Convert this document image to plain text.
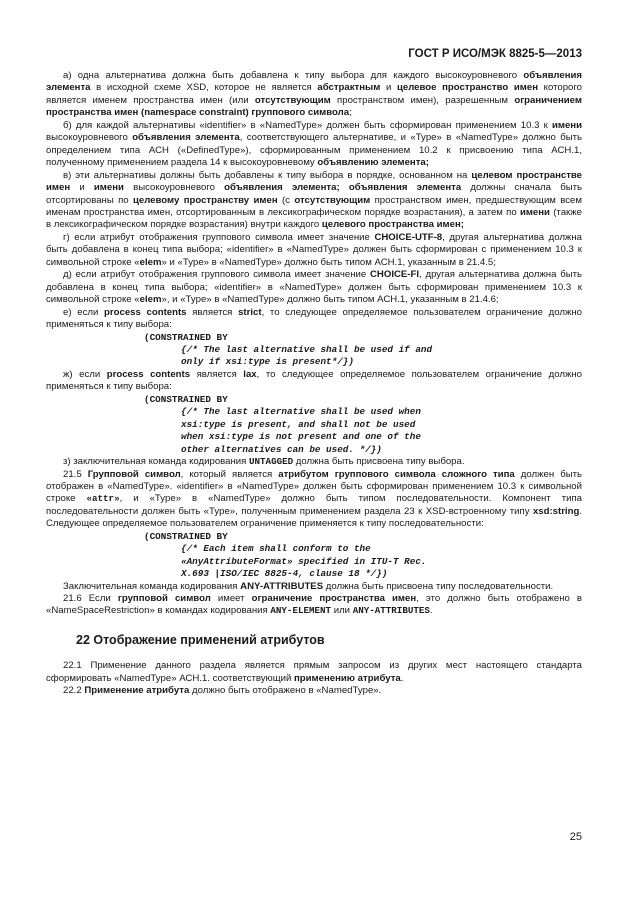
ГОСТ Р ИСО/МЭК 8825-5—2013

а) одна альтернатива должна быть добавлена к типу выбора для каждого высокоуровневого объявления элемента в исходной схеме XSD, которое не является абстрактным и целевое пространство имен которого является именем пространства имен (или отсутствующим пространством имен), разрешенным ограничением пространства имен (namespace constraint) группового символа;

б) для каждой альтернативы «identifier» в «NamedType» должен быть сформирован применением 10.3 к имени высокоуровневого объявления элемента, соответствующего альтернативе, и «Type» в «NamedType» должно быть определением типа АСН («DefinedType»), сформированным применением 10.2 к присвоению типа АСН.1, полученному применением раздела 14 к высокоуровневому объявлению элемента;

в) эти альтернативы должны быть добавлены к типу выбора в порядке, основанном на целевом пространстве имен и имени высокоуровневого объявления элемента; объявления элемента должны сначала быть отсортированы по целевому пространству имен (с отсутствующим пространством имен, предшествующим всем именам пространства имен, отсортированным в лексикографическом порядке возрастания), а затем по имени (также в лексикографическом порядке возрастания) внутри каждого целевого пространства имен;

г) если атрибут отображения группового символа имеет значение CHOICE-UTF-8, другая альтернатива должна быть добавлена в конец типа выбора; «identifier» в «NamedType» должен быть сформирован с применением 10.3 к символьной строке «elem» и «Type» в «NamedType» должно быть типом АСН.1, указанным в 21.4.5;

д) если атрибут отображения группового символа имеет значение CHOICE-FI, другая альтернатива должна быть добавлена в конец типа выбора; «identifier» в «NamedType» должен быть сформирован применением 10.3 к символьной строке «elem», и «Type» в «NamedType» должно быть типом АСН.1, указанным в 21.4.6;

е) если process contents является strict, то следующее определяемое пользователем ограничение должно применяться к типу выбора:

(CONSTRAINED BY
{/* The last alternative shall be used if and
only if xsi:type is present*/})

ж) если process contents является lax, то следующее определяемое пользователем ограничение должно применяться к типу выбора:

(CONSTRAINED BY
{/* The last alternative shall be used when
xsi:type is present, and shall not be used
when xsi:type is not present and one of the
other alternatives can be used. */})

з) заключительная команда кодирования UNTAGGED должна быть присвоена типу выбора.

21.5 Групповой символ, который является атрибутом группового символа сложного типа должен быть отображен в «NamedType». «identifier» в «NamedType» должен быть сформирован применением 10.3 к символьной строке «attr», и «Type» в «NamedType» должно быть типом последовательности. Компонент типа последовательности должен быть «Type», полученным применением раздела 23 к XSD-встроенному типу xsd:string. Следующее определяемое пользователем ограничение применяется к типу последовательности:

(CONSTRAINED BY
{/* Each item shall conform to the
«AnyAttributeFormat» specified in ITU-T Rec.
X.693 |ISO/IEC 8825-4, clause 18 */})

Заключительная команда кодирования ANY-ATTRIBUTES должна быть присвоена типу последовательности.

21.6 Если групповой символ имеет ограничение пространства имен, это должно быть отображено в «NameSpaceRestriction» в командах кодирования ANY-ELEMENT или ANY-ATTRIBUTES.

22 Отображение применений атрибутов

22.1 Применение данного раздела является прямым запросом из других мест настоящего стандарта сформировать «NamedType» АСН.1. соответствующий применению атрибута.

22.2 Применение атрибута должно быть отображено в «NamedType».

25
